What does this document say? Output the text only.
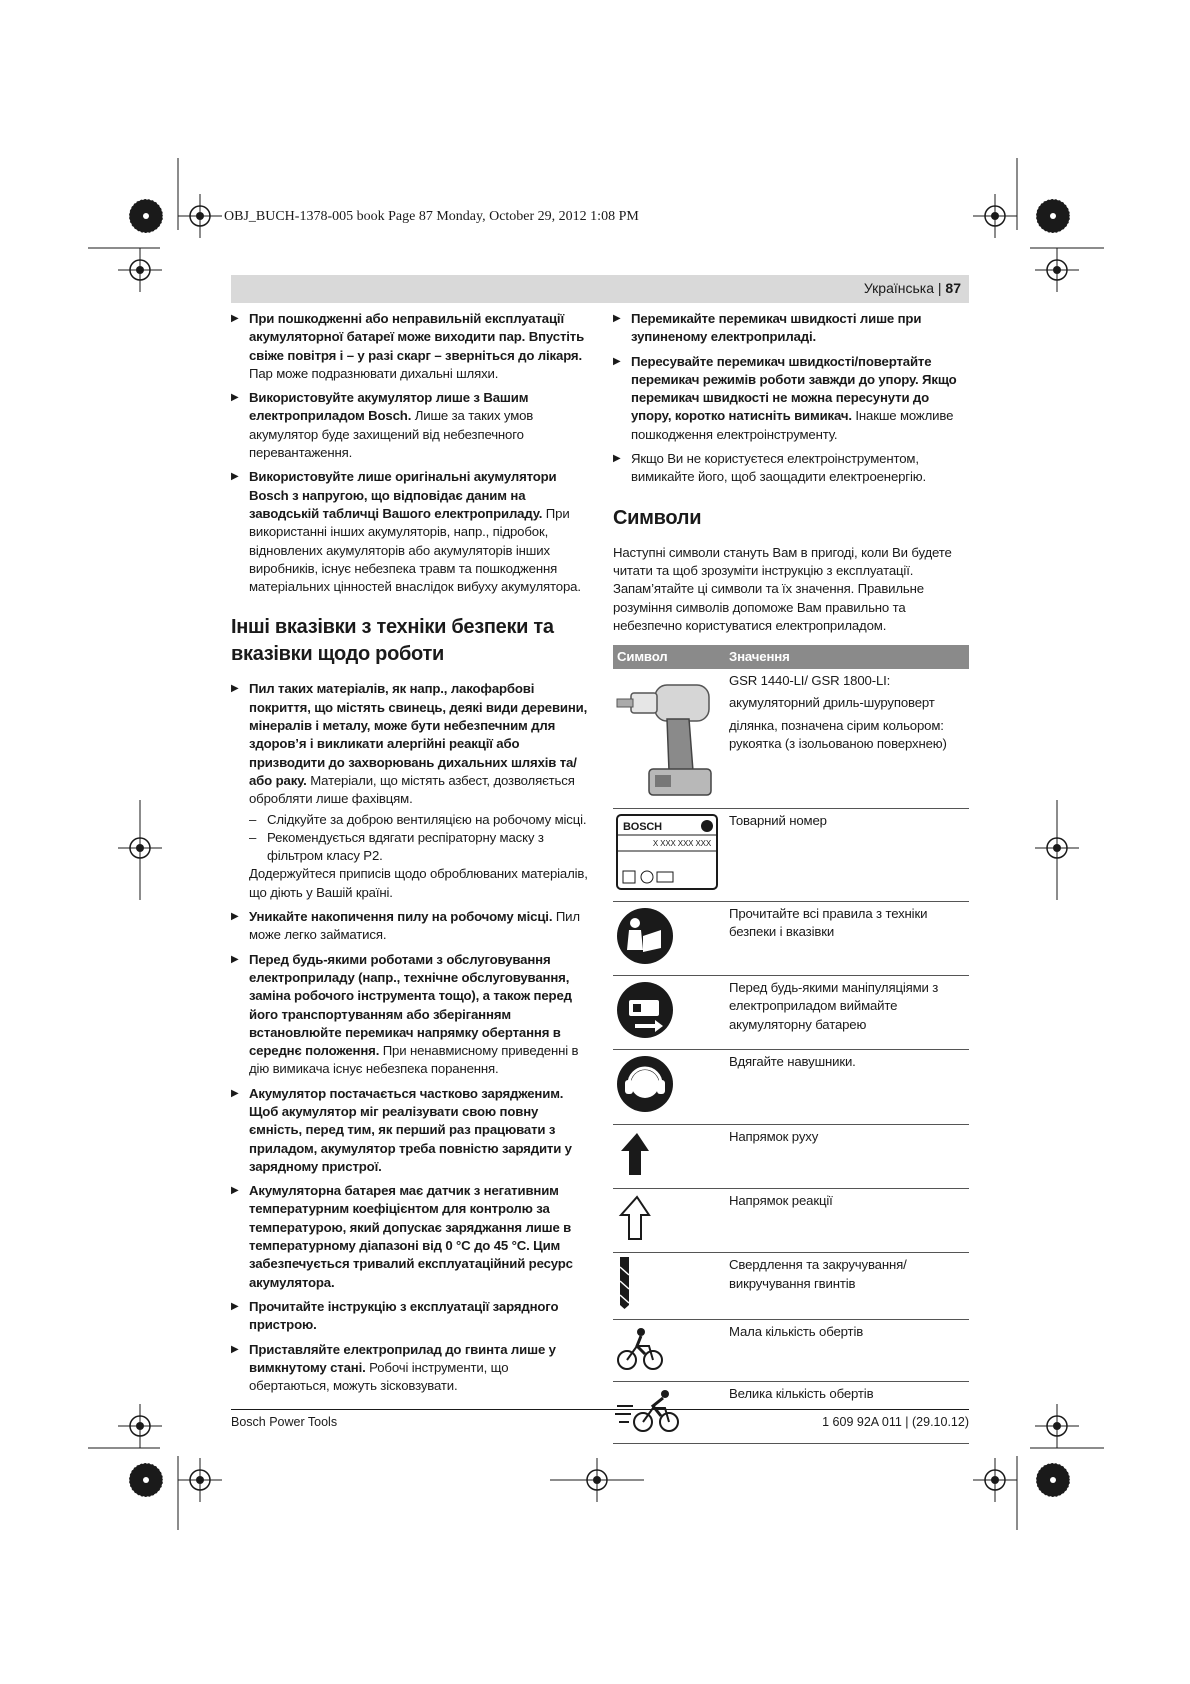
OBJ_BUCH-1378-005 book Page 87 Monday, October 29, 2012 1:08 PM
Українська | 87

▶ При пошкодженні або неправильній експлуатації акумуляторної батареї може виходити пар. Впустіть свіже повітря і – у разі скарг – зверніться до лікаря. Пар може подразнювати дихальні шляхи.

▶ Використовуйте акумулятор лише з Вашим електроприладом Bosch. Лише за таких умов акумулятор буде захищений від небезпечного перевантаження.

▶ Використовуйте лише оригінальні акумулятори Bosch з напругою, що відповідає даним на заводській табличці Вашого електроприладу. При використанні інших акумуляторів, напр., підробок, відновлених акумуляторів або акумуляторів інших виробників, існує небезпека травм та пошкодження матеріальних цінностей внаслідок вибуху акумулятора.

Інші вказівки з техніки безпеки та вказівки щодо роботи

▶ Пил таких матеріалів, як напр., лакофарбові покриття, що містять свинець, деякі види деревини, мінералів і металу, може бути небезпечним для здоров’я і викликати алергійні реакції або призводити до захворювань дихальних шляхів та/або раку. Матеріали, що містять азбест, дозволяється обробляти лише фахівцям.

– Слідкуйте за доброю вентиляцією на робочому місці.

– Рекомендується вдягати респіраторну маску з фільтром класу Р2.

Додержуйтеся приписів щодо оброблюваних матеріалів, що діють у Вашій країні.

▶ Уникайте накопичення пилу на робочому місці. Пил може легко займатися.

▶ Перед будь-якими роботами з обслуговування електроприладу (напр., технічне обслуговування, заміна робочого інструмента тощо), а також перед його транспортуванням або зберіганням встановлюйте перемикач напрямку обертання в середнє положення. При ненавмисному приведенні в дію вимикача існує небезпека поранення.

▶ Акумулятор постачається частково зарядженим. Щоб акумулятор міг реалізувати свою повну ємність, перед тим, як перший раз працювати з приладом, акумулятор треба повністю зарядити у зарядному пристрої.

▶ Акумуляторна батарея має датчик з негативним температурним коефіцієнтом для контролю за температурою, який допускає заряджання лише в температурному діапазоні від 0 °C до 45 °C. Цим забезпечується тривалий експлуатаційний ресурс акумулятора.

▶ Прочитайте інструкцію з експлуатації зарядного пристрою.

▶ Приставляйте електроприлад до гвинта лише у вимкнутому стані. Робочі інструменти, що обертаються, можуть зісковзувати.

▶ Перемикайте перемикач швидкості лише при зупиненому електроприладі.

▶ Пересувайте перемикач швидкості/повертайте перемикач режимів роботи завжди до упору. Якщо перемикач швидкості не можна пересунути до упору, коротко натисніть вимикач. Інакше можливе пошкодження електроінструменту.

▶ Якщо Ви не користуєтеся електроінструментом, вимикайте його, щоб заощадити електроенергію.

Символи

Наступні символи стануть Вам в пригоді, коли Ви будете читати та щоб зрозуміти інструкцію з експлуатації. Запам’ятайте ці символи та їх значення. Правильне розуміння символів допоможе Вам правильно та небезпечно користуватися електроприладом.

Символ	Значення

GSR 1440-LI/ GSR 1800-LI:

акумуляторний дриль-шуруповерт

ділянка, позначена сірим кольором: рукоятка (з ізольованою поверхнею)

BOSCH
X XXX XXX XXX	Товарний номер
	Прочитайте всі правила з техніки безпеки і вказівки
	Перед будь-якими маніпуляціями з електроприладом виймайте акумуляторну батарею
	Вдягайте навушники.
	Напрямок руху
	Напрямок реакції
	Свердлення та закручування/викручування гвинтів
	Мала кількість обертів
	Велика кількість обертів
Bosch Power Tools	1 609 92A 011 | (29.10.12)
